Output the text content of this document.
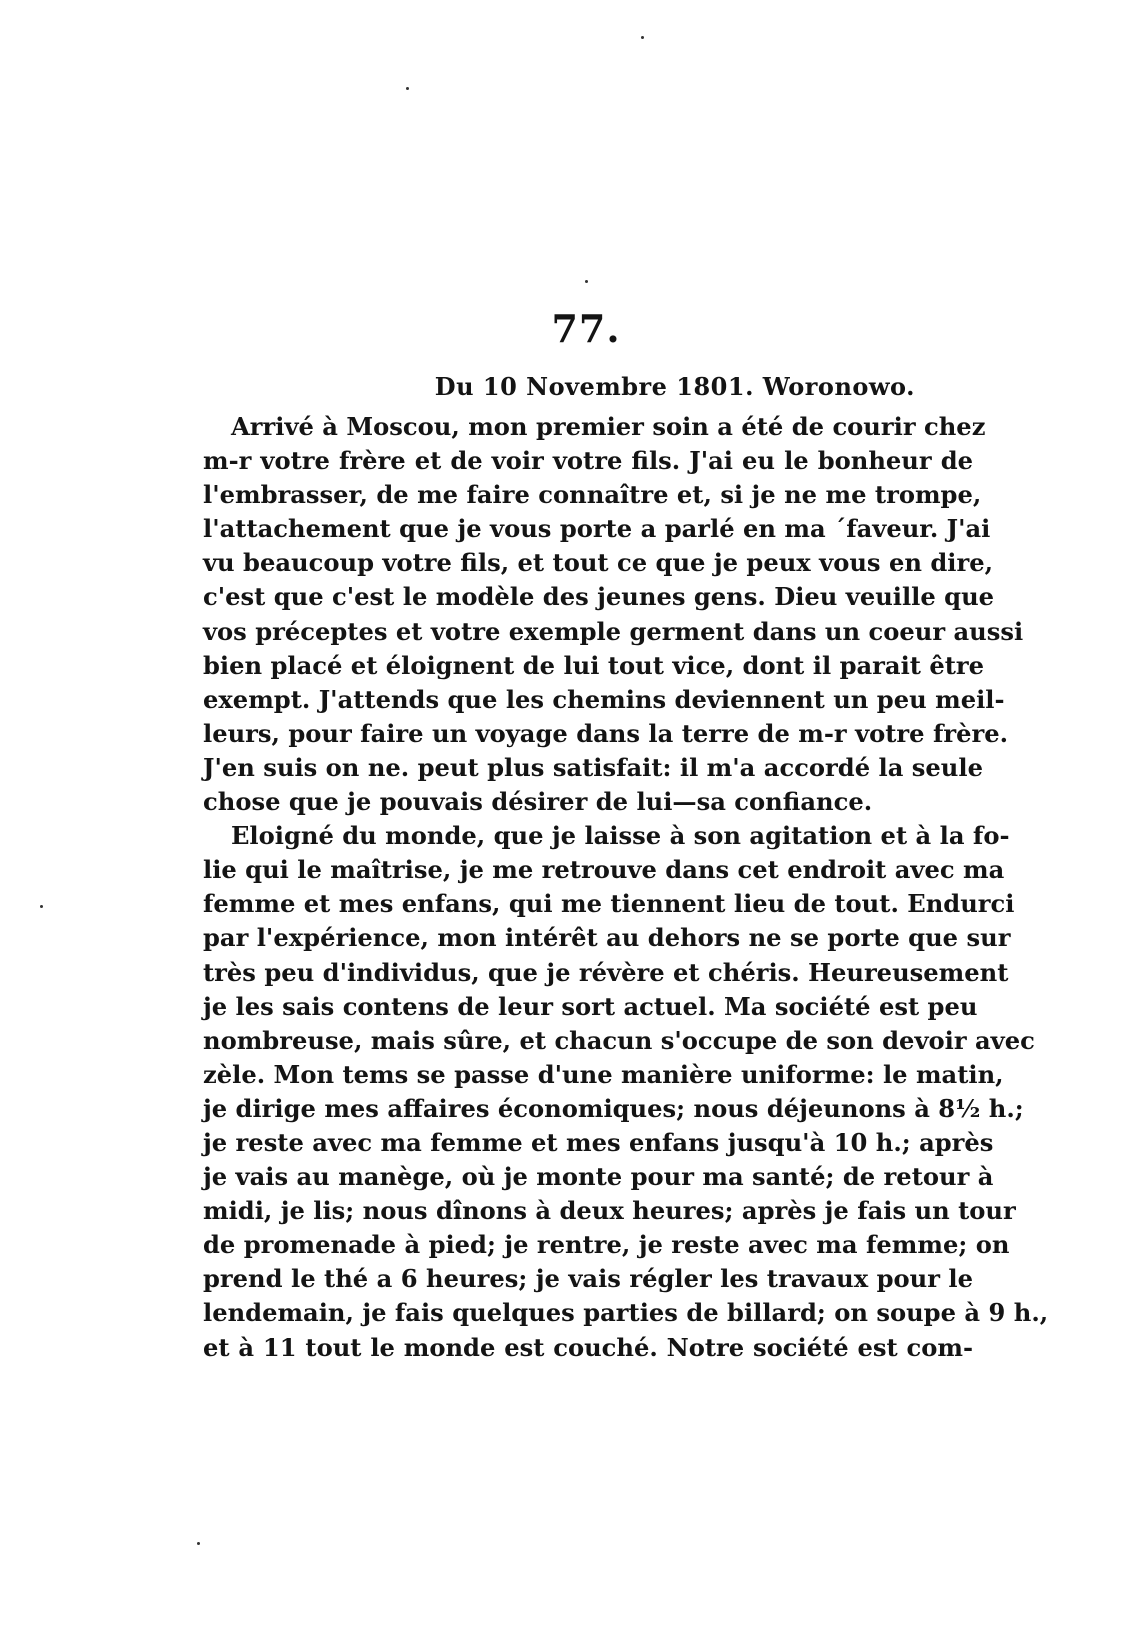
77.
Du 10 Novembre 1801. Woronowo.
Arrivé à Moscou, mon premier soin a été de courir chez
m-r votre frère et de voir votre fils. J'ai eu le bonheur de
l'embrasser, de me faire connaître et, si je ne me trompe,
l'attachement que je vous porte a parlé en ma ´faveur. J'ai
vu beaucoup votre fils, et tout ce que je peux vous en dire,
c'est que c'est le modèle des jeunes gens. Dieu veuille que
vos préceptes et votre exemple germent dans un coeur aussi
bien placé et éloignent de lui tout vice, dont il parait être
exempt. J'attends que les chemins deviennent un peu meil-
leurs, pour faire un voyage dans la terre de m-r votre frère.
J'en suis on ne. peut plus satisfait: il m'a accordé la seule
chose que je pouvais désirer de lui—sa confiance.
Eloigné du monde, que je laisse à son agitation et à la fo-
lie qui le maîtrise, je me retrouve dans cet endroit avec ma
femme et mes enfans, qui me tiennent lieu de tout. Endurci
par l'expérience, mon intérêt au dehors ne se porte que sur
très peu d'individus, que je révère et chéris. Heureusement
je les sais contens de leur sort actuel. Ma société est peu
nombreuse, mais sûre, et chacun s'occupe de son devoir avec
zèle. Mon tems se passe d'une manière uniforme: le matin,
je dirige mes affaires économiques; nous déjeunons à 8½ h.;
je reste avec ma femme et mes enfans jusqu'à 10 h.; après
je vais au manège, où je monte pour ma santé; de retour à
midi, je lis; nous dînons à deux heures; après je fais un tour
de promenade à pied; je rentre, je reste avec ma femme; on
prend le thé a 6 heures; je vais régler les travaux pour le
lendemain, je fais quelques parties de billard; on soupe à 9 h.,
et à 11 tout le monde est couché. Notre société est com-
